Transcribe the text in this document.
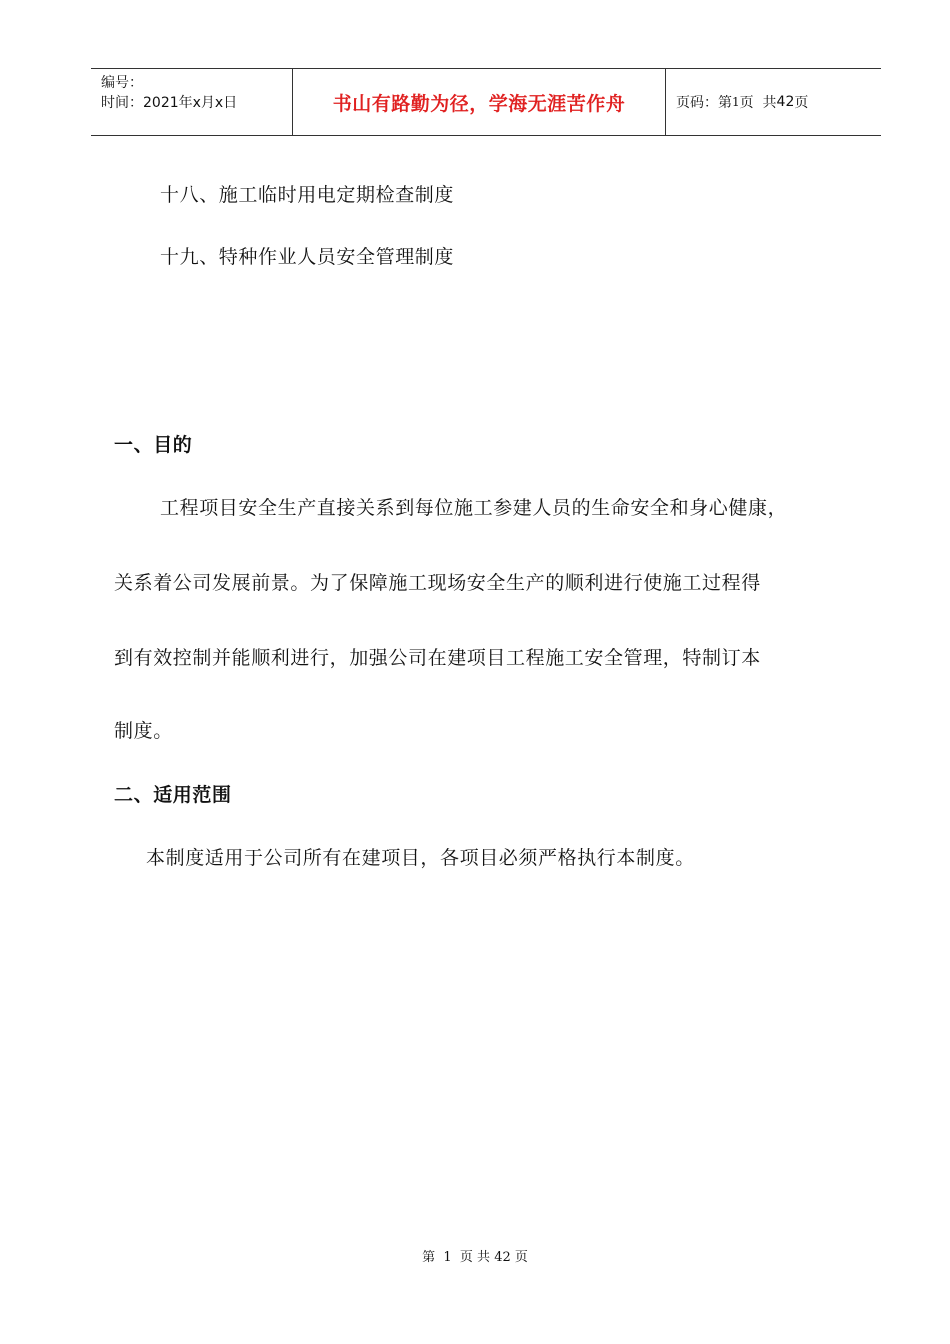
编号：
时间：2021年x月x日	书山有路勤为径，学海无涯苦作舟	页码：第 1 页  共 42 页
十八、施工临时用电定期检查制度
十九、特种作业人员安全管理制度
一、目的
工程项目安全生产直接关系到每位施工参建人员的生命安全和身心健康，
关系着公司发展前景。为了保障施工现场安全生产的顺利进行使施工过程得
到有效控制并能顺利进行，加强公司在建项目工程施工安全管理，特制订本
制度。
二、适用范围
本制度适用于公司所有在建项目，各项目必须严格执行本制度。
第  1  页 共 42 页
